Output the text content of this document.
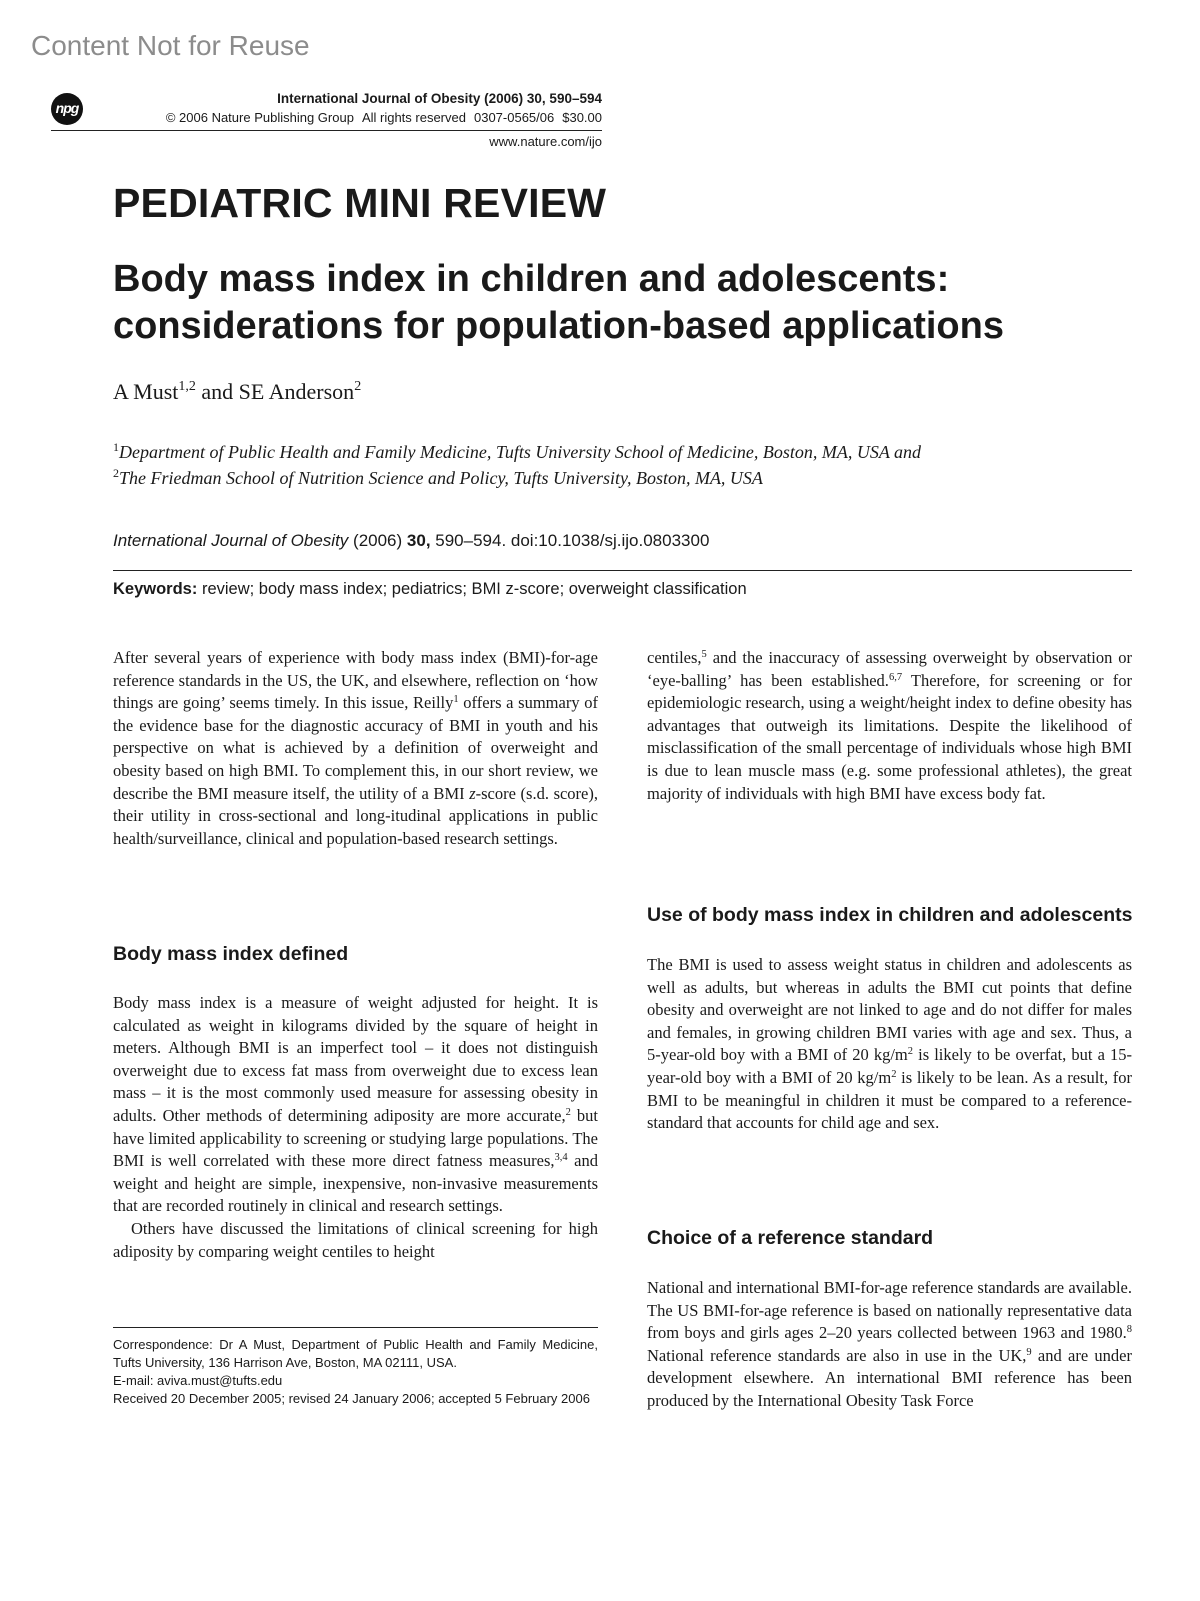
Content Not for Reuse
npg
International Journal of Obesity (2006) 30, 590–594
© 2006 Nature Publishing Group All rights reserved 0307-0565/06 $30.00
www.nature.com/ijo
PEDIATRIC MINI REVIEW
Body mass index in children and adolescents:
considerations for population-based applications
A Must$^{1,2}$ and SE Anderson$^2$
$^1$Department of Public Health and Family Medicine, Tufts University School of Medicine, Boston, MA, USA and
$^2$The Friedman School of Nutrition Science and Policy, Tufts University, Boston, MA, USA
International Journal of Obesity (2006) 30, 590–594. doi:10.1038/sj.ijo.0803300
Keywords: review; body mass index; pediatrics; BMI z-score; overweight classification

After several years of experience with body mass index (BMI)-for-age reference standards in the US, the UK, and elsewhere, reflection on ‘how things are going’ seems timely. In this issue, Reilly$^1$ offers a summary of the evidence base for the diagnostic accuracy of BMI in youth and his perspective on what is achieved by a definition of overweight and obesity based on high BMI. To complement this, in our short review, we describe the BMI measure itself, the utility of a BMI z-score (s.d. score), their utility in cross-sectional and long-itudinal applications in public health/surveillance, clinical and population-based research settings.

Body mass index defined

Body mass index is a measure of weight adjusted for height. It is calculated as weight in kilograms divided by the square of height in meters. Although BMI is an imperfect tool – it does not distinguish overweight due to excess fat mass from overweight due to excess lean mass – it is the most commonly used measure for assessing obesity in adults. Other methods of determining adiposity are more accurate,$^2$ but have limited applicability to screening or studying large populations. The BMI is well correlated with these more direct fatness measures,$^{3,4}$ and weight and height are simple, inexpensive, non-invasive measurements that are recorded routinely in clinical and research settings.

Others have discussed the limitations of clinical screening for high adiposity by comparing weight centiles to height

Correspondence: Dr A Must, Department of Public Health and Family Medicine, Tufts University, 136 Harrison Ave, Boston, MA 02111, USA.

E-mail: aviva.must@tufts.edu

Received 20 December 2005; revised 24 January 2006; accepted 5 February 2006

centiles,$^5$ and the inaccuracy of assessing overweight by observation or ‘eye-balling’ has been established.$^{6,7}$ Therefore, for screening or for epidemiologic research, using a weight/height index to define obesity has advantages that outweigh its limitations. Despite the likelihood of misclassification of the small percentage of individuals whose high BMI is due to lean muscle mass (e.g. some professional athletes), the great majority of individuals with high BMI have excess body fat.

Use of body mass index in children and adolescents

The BMI is used to assess weight status in children and adolescents as well as adults, but whereas in adults the BMI cut points that define obesity and overweight are not linked to age and do not differ for males and females, in growing children BMI varies with age and sex. Thus, a 5-year-old boy with a BMI of 20 $kg/m^2$ is likely to be overfat, but a 15-year-old boy with a BMI of 20 $kg/m^2$ is likely to be lean. As a result, for BMI to be meaningful in children it must be compared to a reference-standard that accounts for child age and sex.

Choice of a reference standard

National and international BMI-for-age reference standards are available. The US BMI-for-age reference is based on nationally representative data from boys and girls ages 2–20 years collected between 1963 and 1980.$^8$ National reference standards are also in use in the UK,$^9$ and are under development elsewhere. An international BMI reference has been produced by the International Obesity Task Force
